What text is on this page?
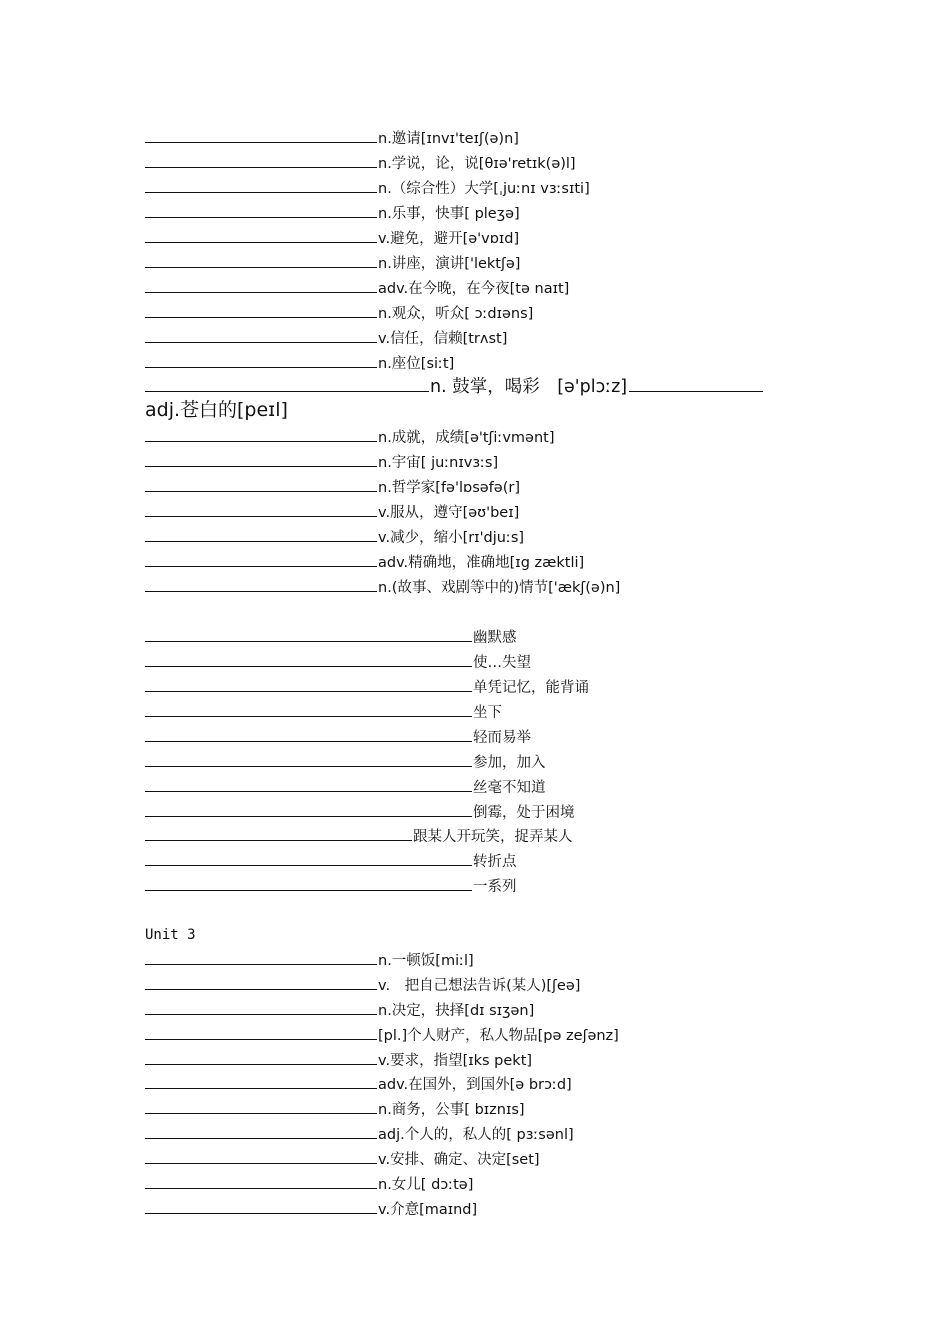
n.邀请[ɪnvɪ'teɪʃ(ə)n]
n.学说，论，说[θɪə'retɪk(ə)l]
n.（综合性）大学[ˌjuːnɪ vɜːsɪti]
n.乐事，快事[ pleʒə]
v.避免，避开[ə'vɒɪd]
n.讲座，演讲['lektʃə]
adv.在今晚，在今夜[tə naɪt]
n.观众，听众[ ɔːdɪəns]
v.信任，信赖[trʌst]
n.座位[siːt]
n. 鼓掌，喝彩　[ə'plɔːz]
adj.苍白的[peɪl]
n.成就，成绩[ə'tʃiːvmənt]
n.宇宙[ juːnɪvɜːs]
n.哲学家[fə'lɒsəfə(r]
v.服从，遵守[əʊ'beɪ]
v.减少，缩小[rɪ'djuːs]
adv.精确地，准确地[ɪg zæktli]
n.(故事、戏剧等中的)情节['ækʃ(ə)n]
幽默感
使…失望
单凭记忆，能背诵
坐下
轻而易举
参加，加入
丝毫不知道
倒霉，处于困境
跟某人开玩笑，捉弄某人
转折点
一系列
Unit 3
n.一顿饭[miːl]
v.　把自己想法告诉(某人)[ʃeə]
n.决定，抉择[dɪ sɪʒən]
[pl.]个人财产，私人物品[pə zeʃənz]
v.要求，指望[ɪks pekt]
adv.在国外，到国外[ə brɔːd]
n.商务，公事[ bɪznɪs]
adj.个人的，私人的[ pɜːsənl]
v.安排、确定、决定[set]
n.女儿[ dɔːtə]
v.介意[maɪnd]
